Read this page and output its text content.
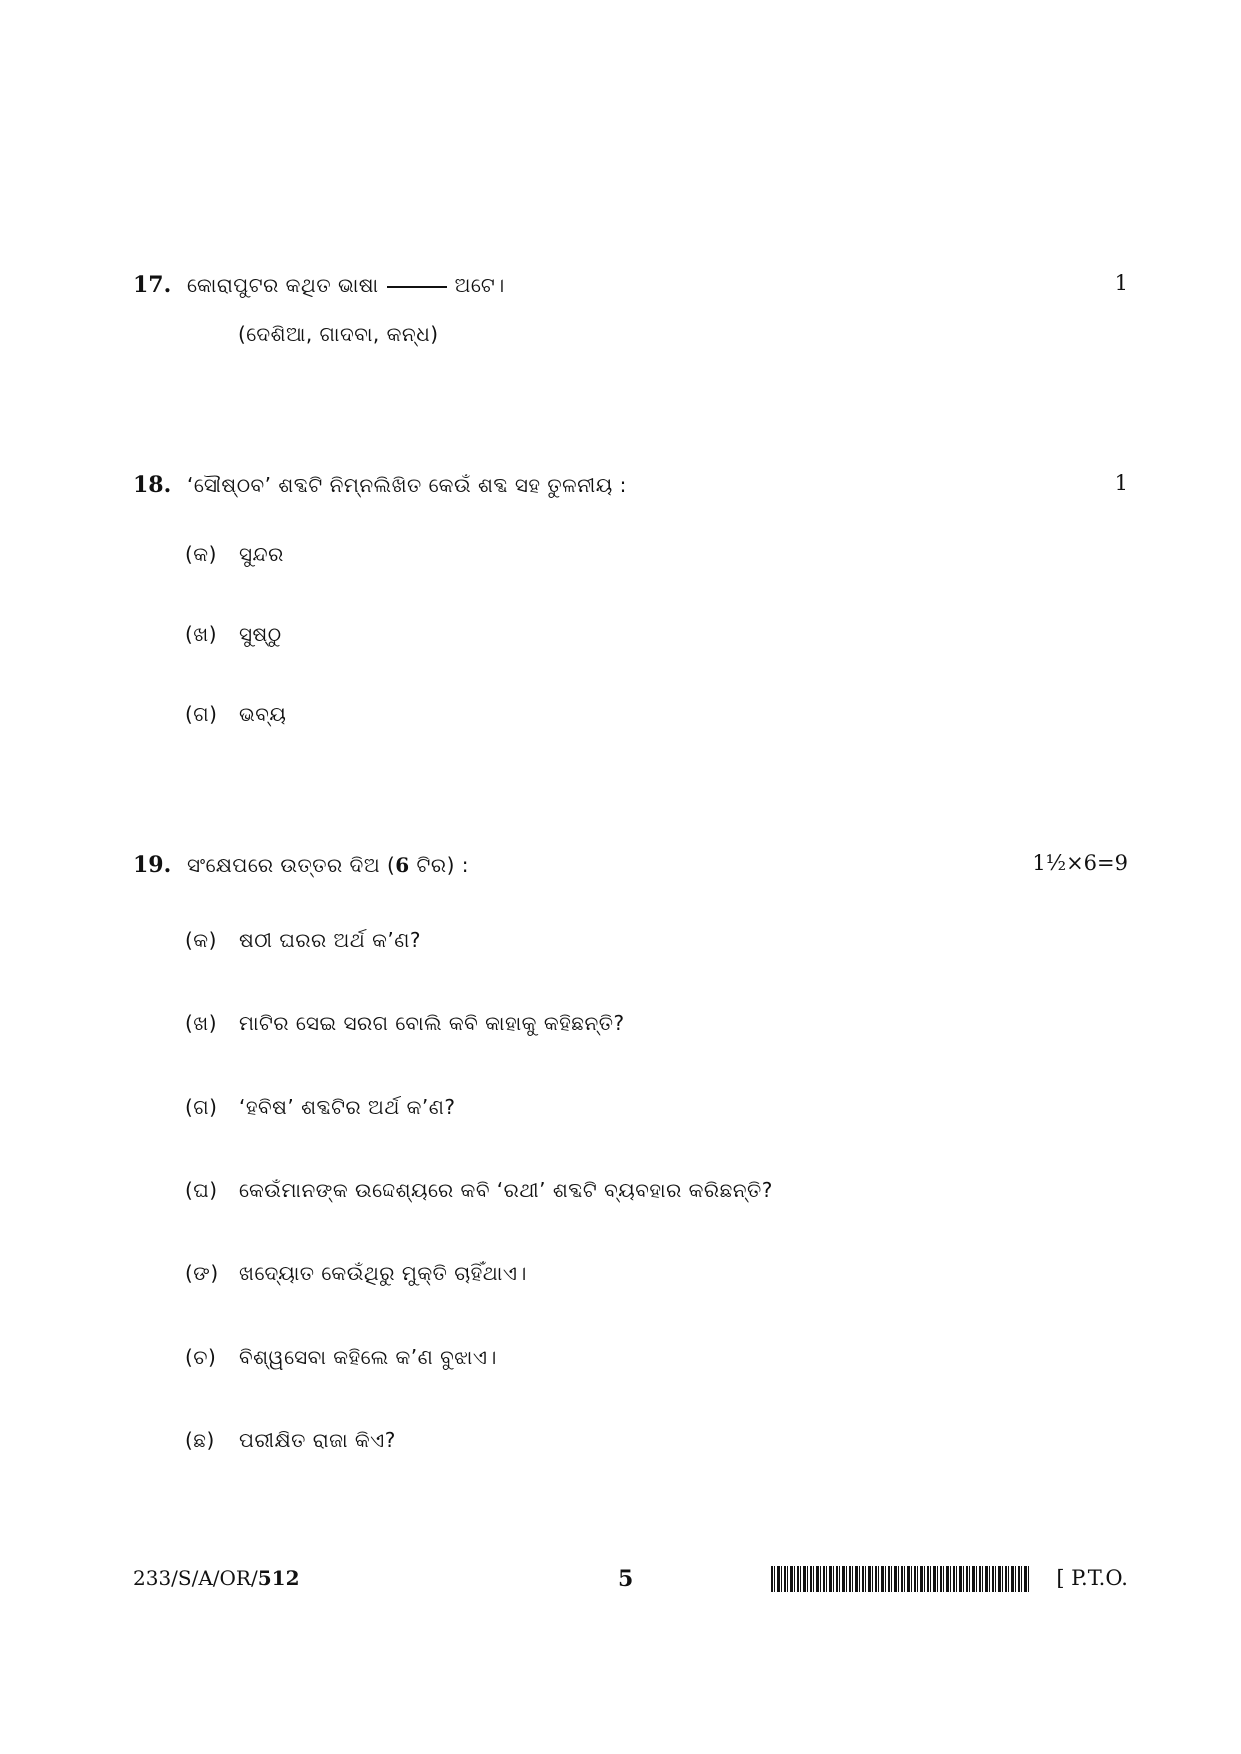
17. କୋରାପୁଟର କଥିତ ଭାଷା	ଅଟେ।	1
(ଦେଶିଆ, ଗାଦବା, କନ୍ଧ)
18. ‘ସୌଷ୍ଠବ’ ଶବ୍ଦଟି ନିମ୍ନଲିଖିତ କେଉଁ ଶବ୍ଦ ସହ ତୁଳନୀୟ :	1
(କ) ସୁନ୍ଦର
(ଖ) ସୁଷ୍ଠୁ
(ଗ) ଭବ୍ୟ
19. ସଂକ୍ଷେପରେ ଉତ୍ତର ଦିଅ (6 ଟିର) :	1½×6=9
(କ) ଷଠୀ ଘରର ଅର୍ଥ କ’ଣ?
(ଖ) ମାଟିର ସେଇ ସରଗ ବୋଲି କବି କାହାକୁ କହିଛନ୍ତି?
(ଗ) ‘ହବିଷ’ ଶବ୍ଦଟିର ଅର୍ଥ କ’ଣ?
(ଘ) କେଉଁମାନଙ୍କ ଉଦ୍ଦେଶ୍ୟରେ କବି ‘ରଥୀ’ ଶବ୍ଦଟି ବ୍ୟବହାର କରିଛନ୍ତି?
(ଙ) ଖଦ୍ୟୋତ କେଉଁଥିରୁ ମୁକ୍ତି ଚାହିଁଥାଏ।
(ଚ) ବିଶ୍ୱସେବା କହିଲେ କ’ଣ ବୁଝାଏ।
(ଛ) ପରୀକ୍ଷିତ ରାଜା କିଏ?
233/S/A/OR/512	5	[ P.T.O.
